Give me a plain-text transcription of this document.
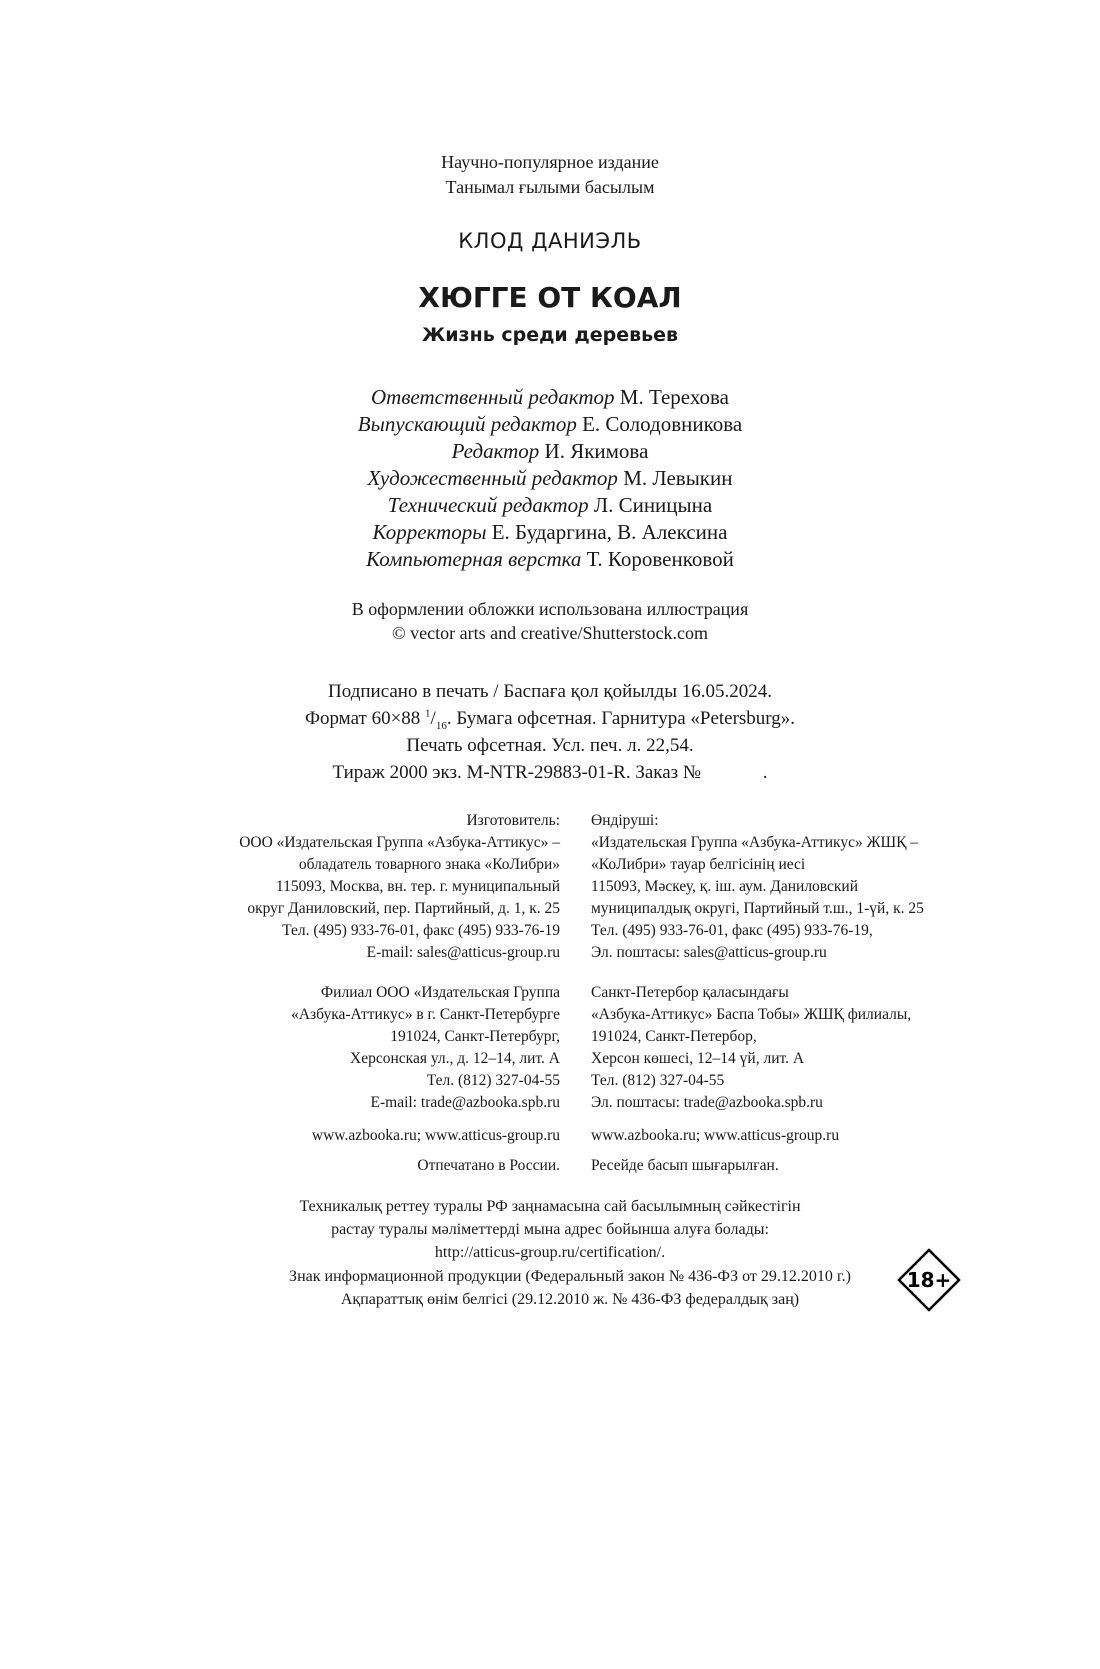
Научно-популярное издание
Танымал ғылыми басылым
КЛОД ДАНИЭЛЬ
ХЮГГЕ ОТ КОАЛ
Жизнь среди деревьев
Ответственный редактор М. Терехова
Выпускающий редактор Е. Солодовникова
Редактор И. Якимова
Художественный редактор М. Левыкин
Технический редактор Л. Синицына
Корректоры Е. Бударгина, В. Алексина
Компьютерная верстка Т. Коровенковой
В оформлении обложки использована иллюстрация
© vector arts and creative/Shutterstock.com
Подписано в печать / Баспаға қол қойылды 16.05.2024.
Формат 60×88 $^1/_{16}$. Бумага офсетная. Гарнитура «Petersburg».
Печать офсетная. Усл. печ. л. 22,54.
Тираж 2000 экз. M-NTR-29883-01-R. Заказ №             .
Изготовитель:
ООО «Издательская Группа «Азбука-Аттикус» –
обладатель товарного знака «КоЛибри»
115093, Москва, вн. тер. г. муниципальный
округ Даниловский, пер. Партийный, д. 1, к. 25
Тел. (495) 933-76-01, факс (495) 933-76-19
E-mail: sales@atticus-group.ru
Өндіруші:
«Издательская Группа «Азбука-Аттикус» ЖШҚ –
«КоЛибри» тауар белгісінің иесі
115093, Мәскеу, қ. іш. аум. Даниловский
муниципалдық округі, Партийный т.ш., 1-үй, к. 25
Тел. (495) 933-76-01, факс (495) 933-76-19,
Эл. поштасы: sales@atticus-group.ru
Филиал ООО «Издательская Группа
«Азбука-Аттикус» в г. Санкт-Петербурге
191024, Санкт-Петербург,
Херсонская ул., д. 12–14, лит. А
Тел. (812) 327-04-55
E-mail: trade@azbooka.spb.ru
Санкт-Петербор қаласындағы
«Азбука-Аттикус» Баспа Тобы» ЖШҚ филиалы,
191024, Санкт-Петербор,
Херсон көшесі, 12–14 үй, лит. А
Тел. (812) 327-04-55
Эл. поштасы: trade@azbooka.spb.ru
www.azbooka.ru; www.atticus-group.ru www.azbooka.ru; www.atticus-group.ru
Отпечатано в России. Ресейде басып шығарылған.
Техникалық реттеу туралы РФ заңнамасына сай басылымның сәйкестігін
растау туралы мәліметтерді мына адрес бойынша алуға болады:
http://atticus-group.ru/certification/.
Знак информационной продукции (Федеральный закон № 436-ФЗ от 29.12.2010 г.)
Ақпараттық өнім белгісі (29.12.2010 ж. № 436-ФЗ федералдық заң)
18+
